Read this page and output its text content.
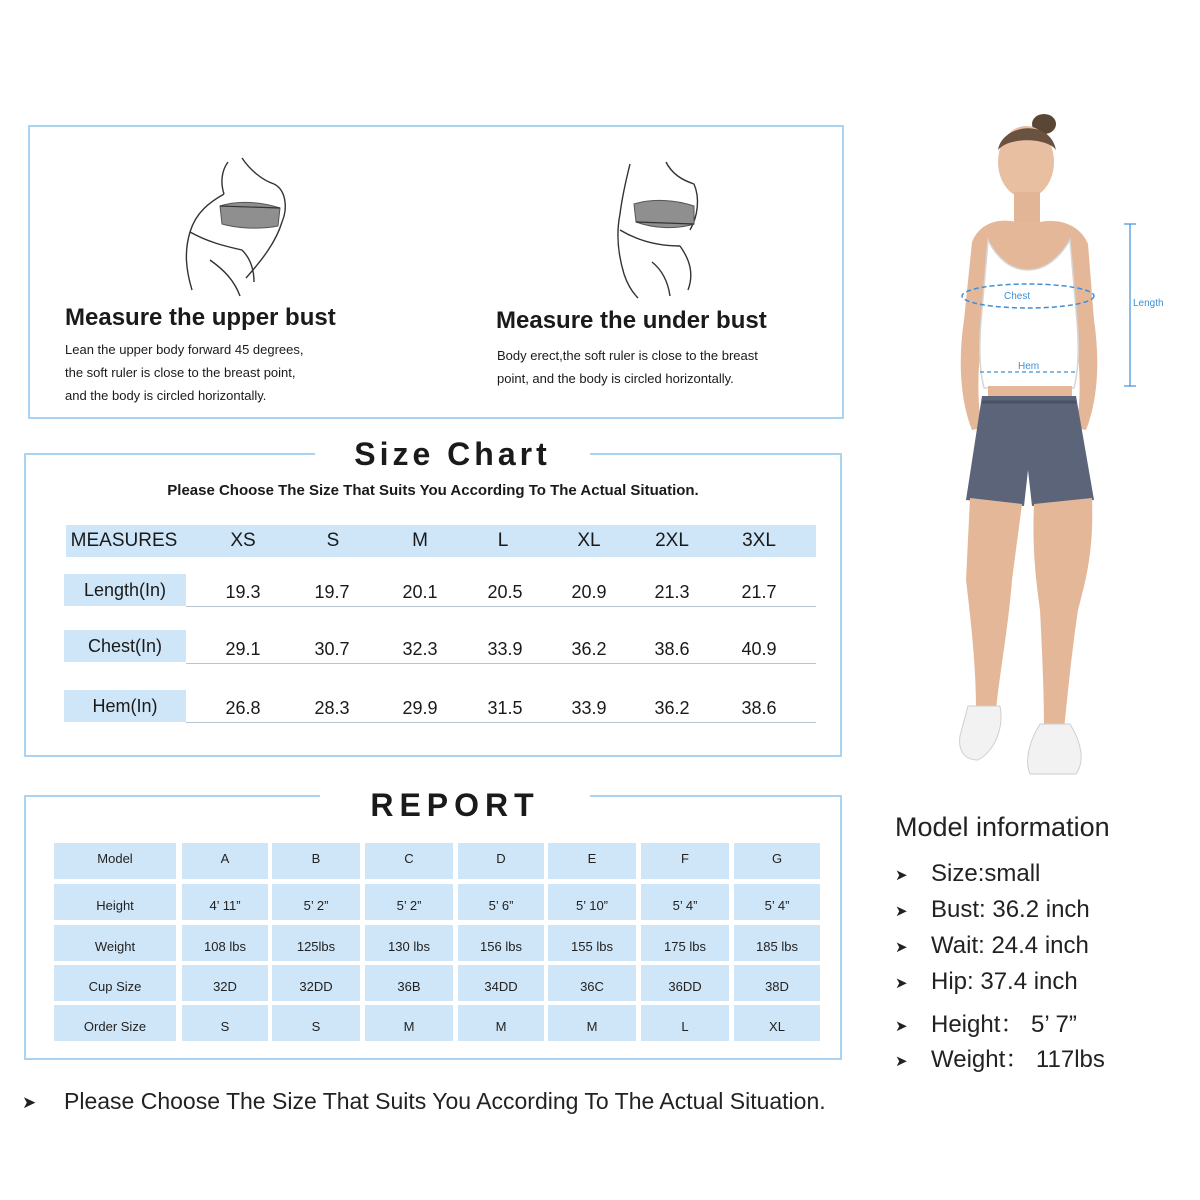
Measure the upper bust
Lean the upper body forward 45 degrees,
the soft ruler is close to the breast point,
and the body is circled horizontally.
Measure the under bust
Body erect,the soft ruler is close to the breast
point, and the body is circled horizontally.
Size Chart
Please Choose The Size That Suits You According To The Actual Situation.
MEASURES	XS	S	M	L	XL	2XL	3XL
Length(In)	19.3	19.7	20.1	20.5	20.9	21.3	21.7
Chest(In)	29.1	30.7	32.3	33.9	36.2	38.6	40.9
Hem(In)	26.8	28.3	29.9	31.5	33.9	36.2	38.6
REPORT
Model	A	B	C	D	E	F	G
Height	4’ 11”	5’ 2”	5’ 2”	5’ 6”	5’ 10”	5’ 4”	5’ 4”
Weight	108 lbs	125lbs	130 lbs	156 lbs	155 lbs	175 lbs	185 lbs
Cup Size	32D	32DD	36B	34DD	36C	36DD	38D
Order Size	S	S	M	M	M	L	XL
Chest
Hem
Length
Model information
➤ Size:small
➤ Bust: 36.2 inch
➤ Wait: 24.4 inch
➤ Hip: 37.4 inch
➤ Height： 5’ 7”
➤ Weight： 117lbs
➤ Please Choose The Size That Suits You According To The Actual Situation.
